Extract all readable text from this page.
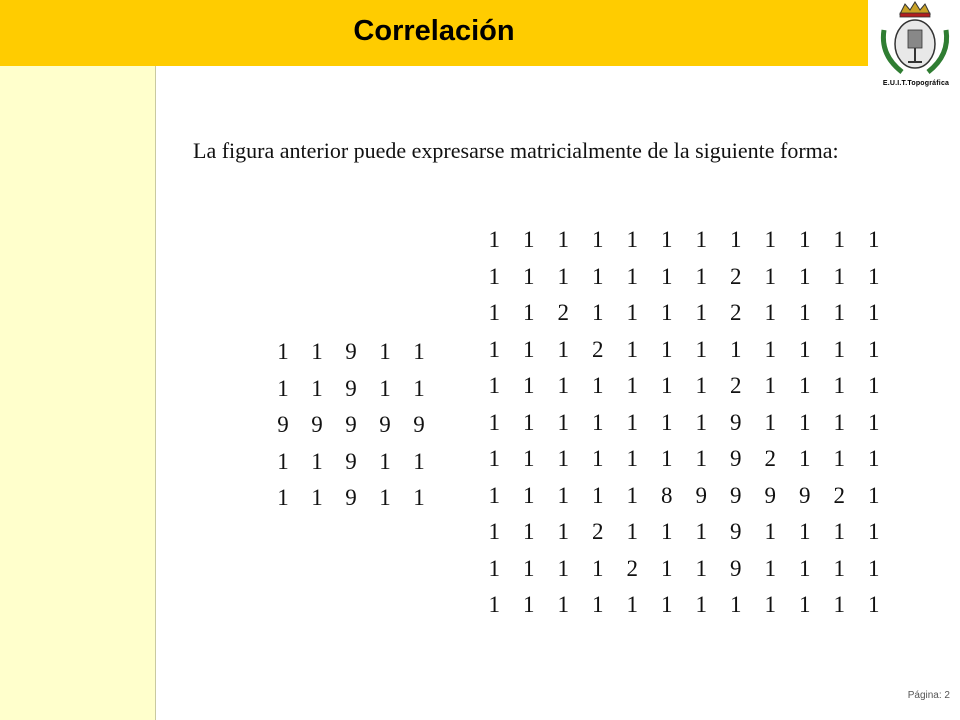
Correlación
E.U.I.T.Topográfica
La figura anterior puede expresarse matricialmente de la siguiente forma:
1	1	9	1	1
1	1	9	1	1
9	9	9	9	9
1	1	9	1	1
1	1	9	1	1
1	1	1	1	1	1	1	1	1	1	1	1
1	1	1	1	1	1	1	2	1	1	1	1
1	1	2	1	1	1	1	2	1	1	1	1
1	1	1	2	1	1	1	1	1	1	1	1
1	1	1	1	1	1	1	2	1	1	1	1
1	1	1	1	1	1	1	9	1	1	1	1
1	1	1	1	1	1	1	9	2	1	1	1
1	1	1	1	1	8	9	9	9	9	2	1
1	1	1	2	1	1	1	9	1	1	1	1
1	1	1	1	2	1	1	9	1	1	1	1
1	1	1	1	1	1	1	1	1	1	1	1
Página: 2
